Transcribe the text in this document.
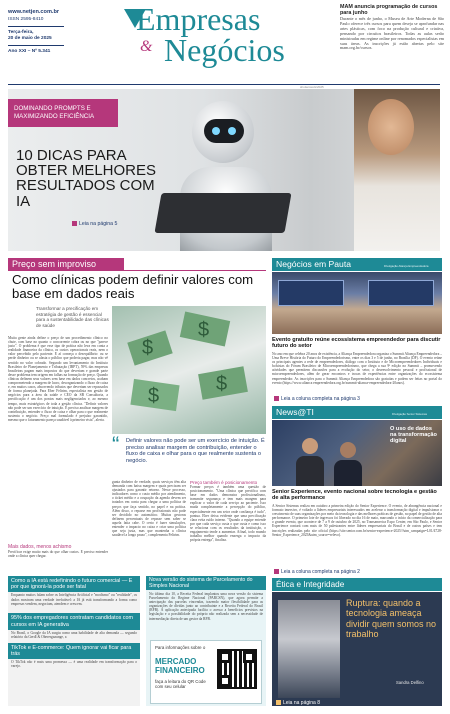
www.netjen.com.br
ISSN 2595-8410
Terça-feira,
20 de maio de 2025
Ano XXI – Nº 5.341
Empresas
& Negócios
MAM anuncia programação de cursos para junho
Durante o mês de junho, o Museu de Arte Moderna de São Paulo oferece três cursos para quem deseja se aprofundar nas artes plásticas, com foco na produção cultural e criativa, pensando por circuitos brasileiros. Todas as aulas serão ministradas em regime online por renomados especialistas em suas áreas. As inscrições já estão abertas pelo site mam.org.br/cursos.
shutterstock/2025
DOMINANDO PROMPTS E MAXIMIZANDO EFICIÊNCIA
10 DICAS PARA OBTER MELHORES RESULTADOS COM IA
Leia na página 5
Preço sem improviso
Como clínicas podem definir valores com base em dados reais
Transformar a precificação em estratégia de gestão é essencial para a sustentabilidade das clínicas de saúde
$
$
$
$
Muita gente ainda define o preço de um procedimento clínico no chute, com base no quanto o concorrente cobra ou no que "parece justo". O problema é que esse tipo de prática não leva em conta a realidade financeira da clínica, os custos operacionais reais, nem o valor percebido pelo paciente. E aí começa o desequilíbrio: ou se perde dinheiro ou se afasta o público que poderia pagar, mas não vê sentido no valor cobrado. Segundo um levantamento do Instituto Brasileiro de Planejamento e Tributação (IBPT), 59% das empresas brasileiras pagam mais impostos do que deveriam e grande parte desse problema tem origem em falhas na formação de preço. Quando clínicas definem seus valores sem base em dados concretos, acabam comprometendo a margem de lucro, desorganizando o fluxo de caixa e, em muitos casos, absorvendo tributos que deveriam ser repassados de forma planejada. Para Eber Feltrim, especialista em gestão de negócios para a área da saúde e CEO da SB Consultoria, a precificação é um dos pontos mais negligenciados e, ao mesmo tempo, mais estratégicos de toda a gestão clínica. "Definir valores não pode ser um exercício de intuição. É preciso analisar margem de contribuição, entender o fluxo de caixa e olhar para o que realmente sustenta o negócio. Preço mal formulado é prejuízo garantido, mesmo que o faturamento pareça saudável à primeira vista", alerta.
Mais dados, menos achismo
Precificar exige muito mais do que olhar custos. É preciso entender onde a clínica quer chegar.
“ Definir valores não pode ser um exercício de intuição. É preciso analisar margem de contribuição, entender o fluxo de caixa e olhar para o que realmente sustenta o negócio.
gunta dinheiro de verdade, quais serviços têm alta demanda com baixa margem e quais precisam ser ajustados para garantir retorno. Nesse processo, indicadores como o custo médio por atendimento, o ticket médio e a ocupação da agenda devem ser tratados em conta para chegar a uma política de preços que faça sentido, no papel e na prática. Além disso, o repasse em profissionais não pode ser decidido no automático. Muitas gestoras definem percentuais de repasse sem saber se aquela fatia cabe. O certo é fazer simulações, entender o impacto no caixa e criar uma política que seja justa, mas que mantenha a clínica saudável a longo prazo", complementa Feltrim.
Preço também é posicionamento
Formar preços é também uma questão de posicionamento. "Uma clínica que precifica com base em dados demonstra profissionalismo, transmite segurança e tem mais margem para explicar o valor de cada serviço ao paciente. Isso muda completamente a percepção do público, especialmente em um setor onde confiança é tudo", pontua. Eber deixa evidente que uma precificação clara evita ruído interno. "Quando a equipe entende por que cada serviço custa o que custa e como isso se relaciona com os resultados da instituição, o engajamento tende a aumentar. Afinal, todo mundo trabalha melhor quando enxerga o impacto da própria entrega", finaliza.
Como a IA está redefinindo o futuro comercial — E por que ignorá-la pode ser fatal
Enquanto muitos falam sobre os Inteligência Artificial e "modismo" ou "realidade", os dados mostram uma verdade irrefutável: a IA já está transformando a forma como empresas vendem, negociam, atendem e crescem.
95% dos empregadores contratam candidatos com cursos em IA generativa
No Brasil, o Google da IA surgiu como uma habilidade de alta demanda — segundo relatório da Gerdl & Oberergazunge, a
TikTok e E-commerce: Quem ignorar vai ficar para trás
O TikTok não é mais uma promessa — é uma realidade em transformação para o varejo.
Nova versão do sistema de Parcelamento do Simples Nacional
No último dia 10, a Receita Federal implantou uma nova versão do sistema Parcelamento do Regime Nacional (PARCSN), que agora permite a antecipação das parcelas vincendas, trazendo maior flexibilidade para as organizações de dívidas junto ao contribuinte e a Receita Federal do Brasil (RFB). A aplicação antecipada facilita o acesso a benefícios previstos na legislação e a possibilidade do próprio não realizada sem a necessidade de intermediação direta de um gestor da RFB.
Para informações sobre o
MERCADO
FINANCEIRO
faça a leitura do QR Code com seu celular
Negócios em Pauta	Divulgação Aliança Empreendedora
Evento gratuito reúne ecossistema empreendedor para discutir futuro do setor
No ano em que celebra 20 anos de existência, a Aliança Empreendedora organiza o Summit Aliança Empreendedora – Uma Breve História do Futuro do Empreendedorismo, entre os dias 3 e 5 de junho, no Brasília (DF). O evento reúne os principais agentes a rede de empreendedores, diálogo com o Instituto e de Microempreendedores Individuais e bolsistas do Fórum Brasileiro de Microempreendedorismo, que chega a sua 9ª edição no Summit – promovendo atividades que permitem discussões para a evolução do setor, o desenvolvimento pessoal e profissional de microempreendedores, além de gerar encontros e trocas de experiências entre organizações do ecossistema empreendedor. As inscrições para o Summit Aliança Empreendedora são gratuitas e podem ser feitas no portal do evento (https://www.alianca empreendedora.org.br/summit-alianca-empreendedora-20anos).
Leia a coluna completa na página 3
News@TI	Divulgação Senior Sistemas
O uso de dados na transformação digital
Senior Experience, evento nacional sobre tecnologia e gestão de alta performance
A Senior Sistemas realiza em outubro a primeira edição do Senior Experience. O evento, de abrangência nacional e formato imersivo, é voltado a líderes empresariais interessados em acelerar a transformação digital e impulsionar o crescimento de suas organizações por meio da tecnologia e das melhores práticas de gestão, no papel de gestão de alta performance. O primeiro lote de ingressos foi liberado no dia 16 de maio, marcando o início da comercialização para o grande evento, que acontece de 7 a 9 de outubro de 2025, no Transamerica Expo Center, em São Paulo, e Senior Experience contará com mais de 50 palestrantes entre líderes empresariais do Brasil e de outros países e tem inscrições realizadas pelo site oficial (https://site.senior.com.br/senior-experience-2025/?utm_campaign=L01/4728-Senior_Experience_2025&utm_source=relevo).
Leia a coluna completa na página 2
Ética e Integridade
Ruptura: quando a tecnologia ameaça dividir quem somos no trabalho
Sandra Delfino
Leia na página 8
